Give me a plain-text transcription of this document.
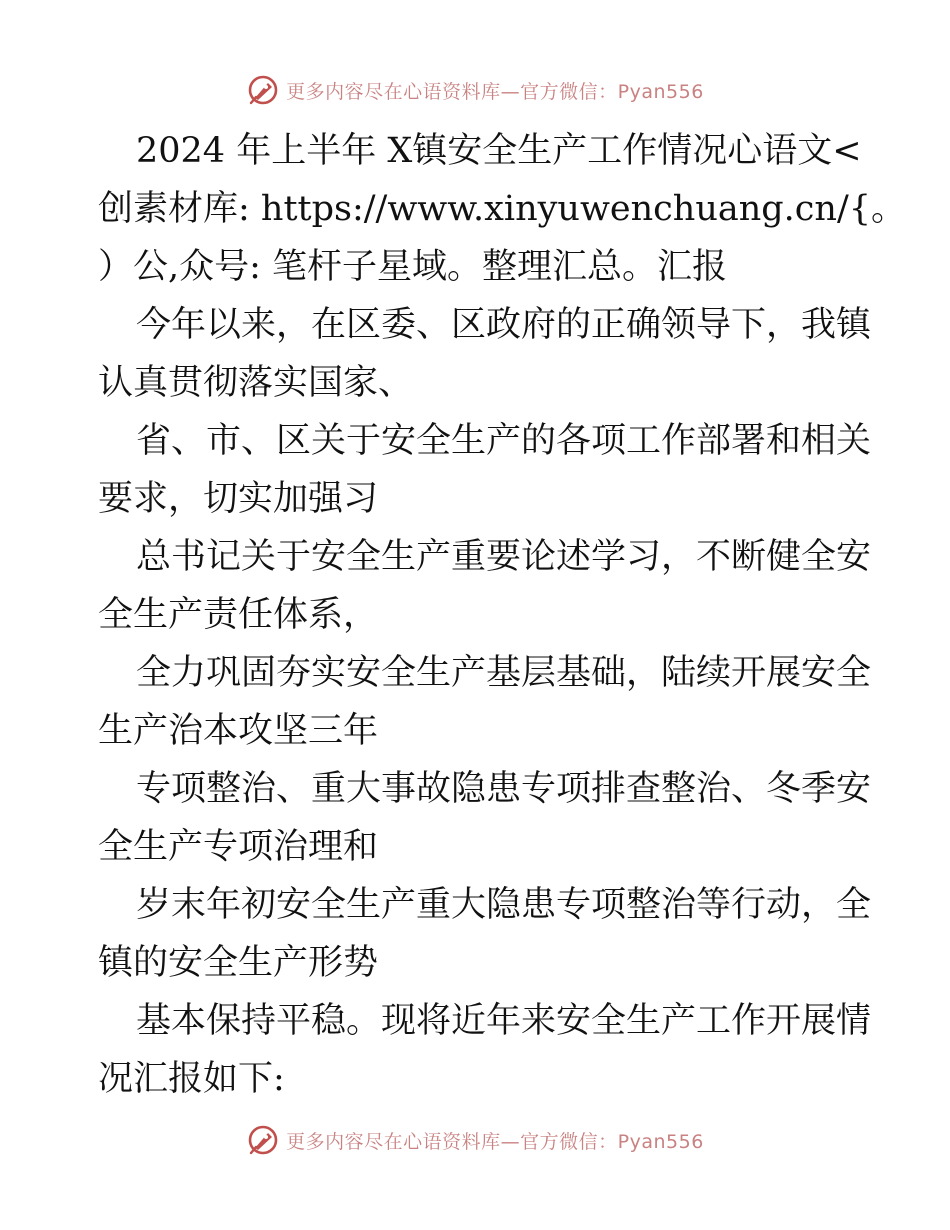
更多内容尽在心语资料库—官方微信：Pyan556
2024 年上半年 X镇安全生产工作情况心语文<
创素材库: https://www.xinyuwenchuang.cn/{。
）公,众号: 笔杆子星域。整理汇总。汇报
今年以来，在区委、区政府的正确领导下，我镇
认真贯彻落实国家、
省、市、区关于安全生产的各项工作部署和相关
要求，切实加强习
总书记关于安全生产重要论述学习，不断健全安
全生产责任体系，
全力巩固夯实安全生产基层基础，陆续开展安全
生产治本攻坚三年
专项整治、重大事故隐患专项排查整治、冬季安
全生产专项治理和
岁末年初安全生产重大隐患专项整治等行动，全
镇的安全生产形势
基本保持平稳。现将近年来安全生产工作开展情
况汇报如下:
更多内容尽在心语资料库—官方微信：Pyan556
